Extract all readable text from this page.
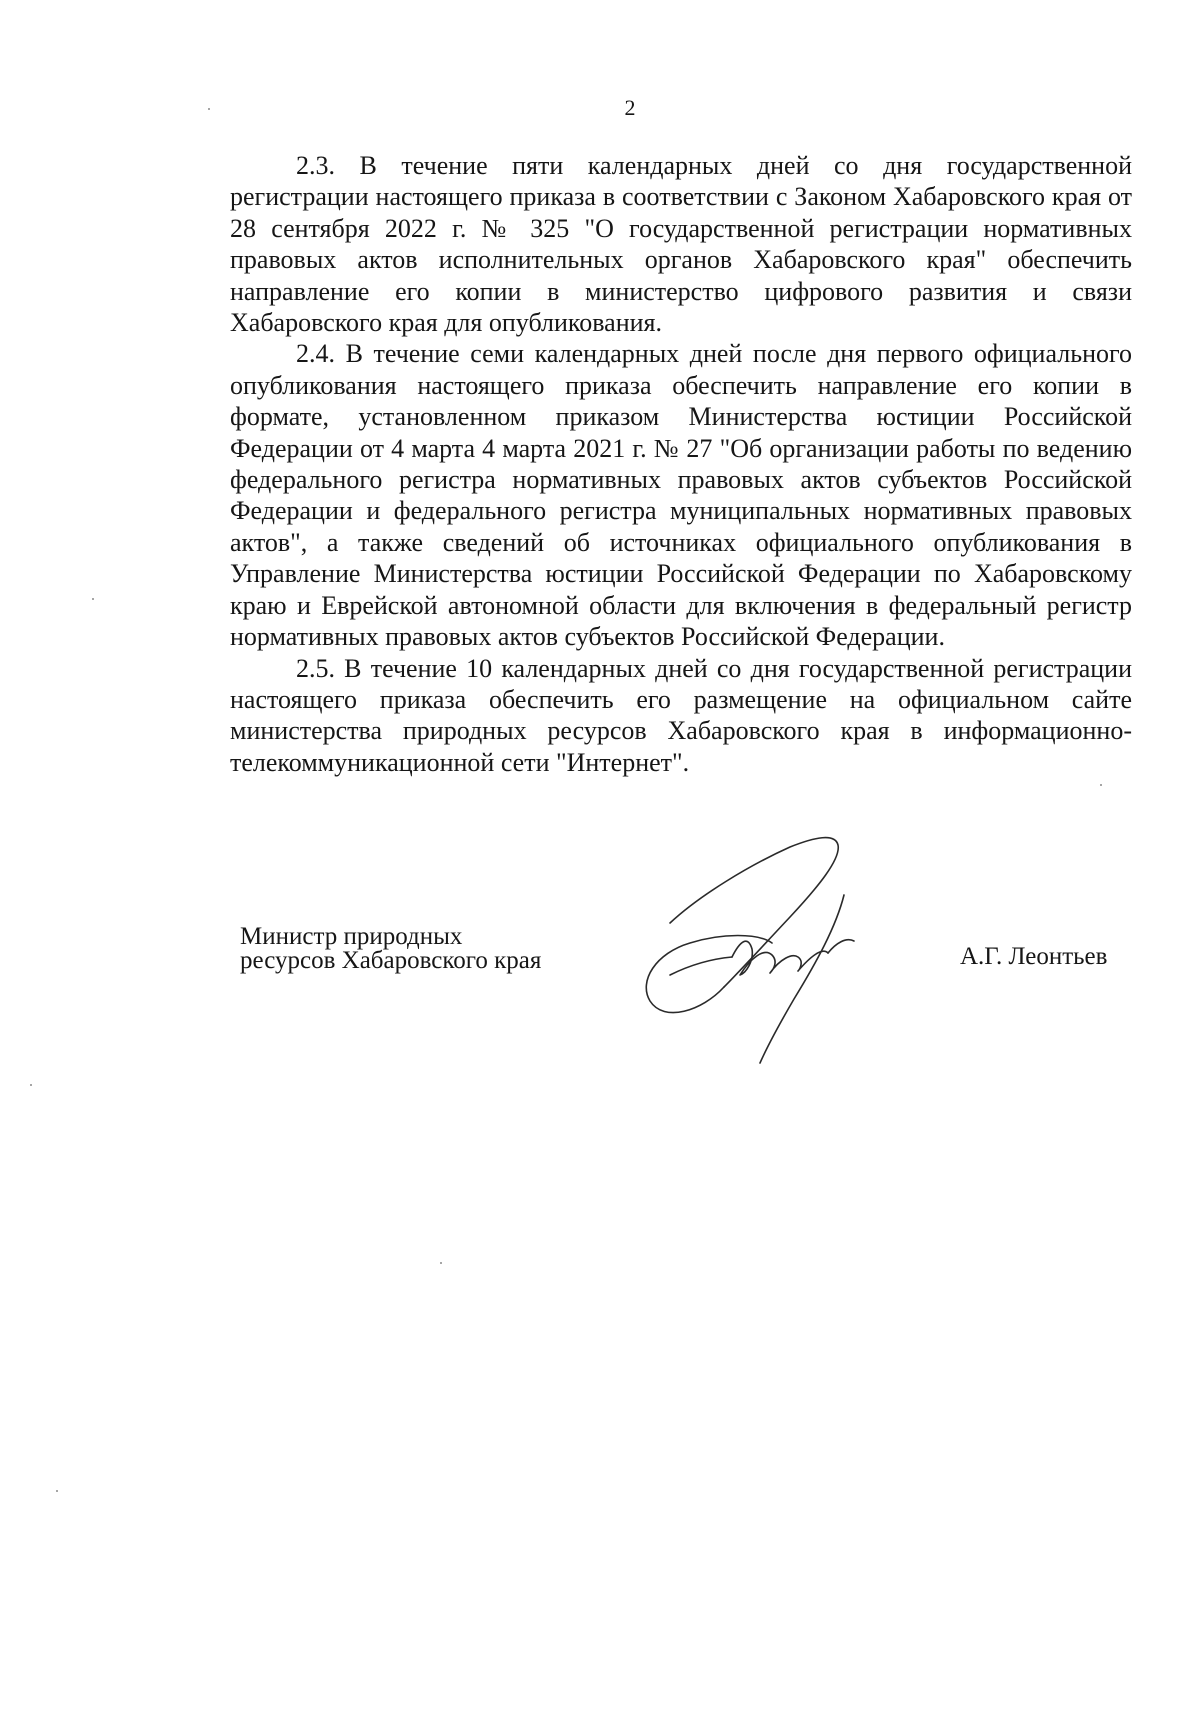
2

2.3. В течение пяти календарных дней со дня государственной регистрации настоящего приказа в соответствии с Законом Хабаровского края от 28 сентября 2022 г. № 325 "О государственной регистрации нормативных правовых актов исполнительных органов Хабаровского края" обеспечить направление его копии в министерство цифрового развития и связи Хабаровского края для опубликования.

2.4. В течение семи календарных дней после дня первого официального опубликования настоящего приказа обеспечить направление его копии в формате, установленном приказом Министерства юстиции Российской Федерации от 4 марта 4 марта 2021 г. № 27 "Об организации работы по ведению федерального регистра нормативных правовых актов субъектов Российской Федерации и федерального регистра муниципальных нормативных правовых актов", а также сведений об источниках официального опубликования в Управление Министерства юстиции Российской Федерации по Хабаровскому краю и Еврейской автономной области для включения в федеральный регистр нормативных правовых актов субъектов Российской Федерации.

2.5. В течение 10 календарных дней со дня государственной регистрации настоящего приказа обеспечить его размещение на официальном сайте министерства природных ресурсов Хабаровского края в информационно-телекоммуникационной сети "Интернет".

Министр природных
ресурсов Хабаровского края	А.Г. Леонтьев
